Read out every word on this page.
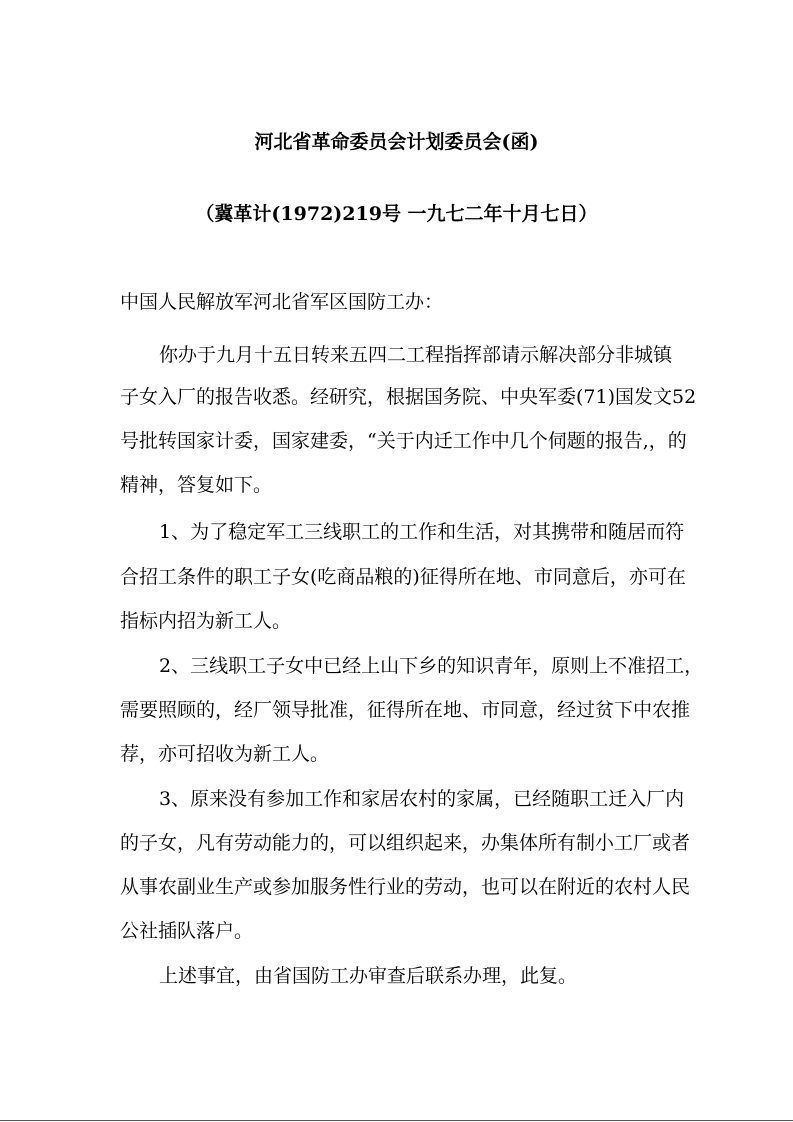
河北省革命委员会计划委员会(函)
（冀革计(1972)219号 一九七二年十月七日）
中国人民解放军河北省军区国防工办：
你办于九月十五日转来五四二工程指挥部请示解决部分非城镇
子女入厂的报告收悉。经研究，根据国务院、中央军委(71)国发文52
号批转国家计委，国家建委，“关于内迁工作中几个伺题的报告,，的
精神，答复如下。
1、为了稳定军工三线职工的工作和生活，对其携带和随居而符
合招工条件的职工子女(吃商品粮的)征得所在地、市同意后，亦可在
指标内招为新工人。
2、三线职工子女中已经上山下乡的知识青年，原则上不准招工，
需要照顾的，经厂领导批准，征得所在地、市同意，经过贫下中农推
荐，亦可招收为新工人。
3、原来没有参加工作和家居农村的家属，已经随职工迁入厂内
的子女，凡有劳动能力的，可以组织起来，办集体所有制小工厂或者
从事农副业生产或参加服务性行业的劳动，也可以在附近的农村人民
公社插队落户。
上述事宜，由省国防工办审查后联系办理，此复。
